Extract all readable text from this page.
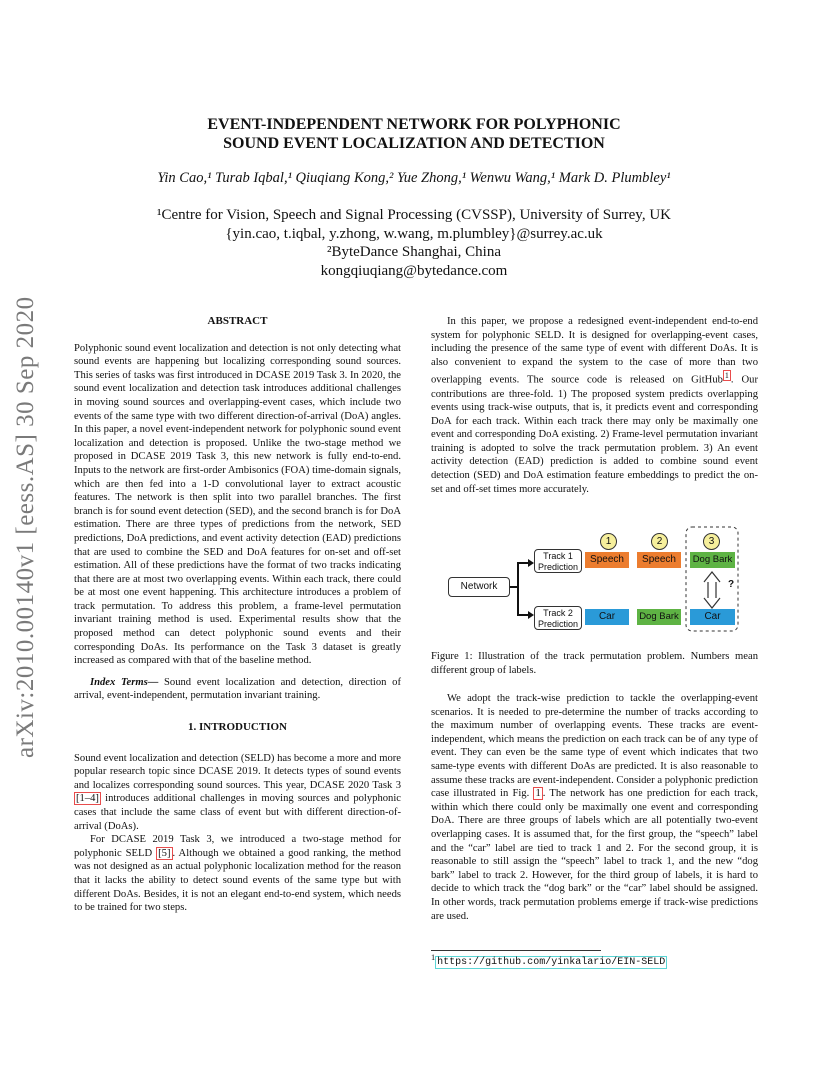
arXiv:2010.00140v1 [eess.AS] 30 Sep 2020
EVENT-INDEPENDENT NETWORK FOR POLYPHONIC
SOUND EVENT LOCALIZATION AND DETECTION
Yin Cao,¹ Turab Iqbal,¹ Qiuqiang Kong,² Yue Zhong,¹ Wenwu Wang,¹ Mark D. Plumbley¹
¹Centre for Vision, Speech and Signal Processing (CVSSP), University of Surrey, UK
{yin.cao, t.iqbal, y.zhong, w.wang, m.plumbley}@surrey.ac.uk
²ByteDance Shanghai, China
kongqiuqiang@bytedance.com

ABSTRACT

Polyphonic sound event localization and detection is not only detecting what sound events are happening but localizing corresponding sound sources. This series of tasks was first introduced in DCASE 2019 Task 3. In 2020, the sound event localization and detection task introduces additional challenges in moving sound sources and overlapping-event cases, which include two events of the same type with two different direction-of-arrival (DoA) angles. In this paper, a novel event-independent network for polyphonic sound event localization and detection is proposed. Unlike the two-stage method we proposed in DCASE 2019 Task 3, this new network is fully end-to-end. Inputs to the network are first-order Ambisonics (FOA) time-domain signals, which are then fed into a 1-D convolutional layer to extract acoustic features. The network is then split into two parallel branches. The first branch is for sound event detection (SED), and the second branch is for DoA estimation. There are three types of predictions from the network, SED predictions, DoA predictions, and event activity detection (EAD) predictions that are used to combine the SED and DoA features for on-set and off-set estimation. All of these predictions have the format of two tracks indicating that there are at most two overlapping events. Within each track, there could be at most one event happening. This architecture introduces a problem of track permutation. To address this problem, a frame-level permutation invariant training method is used. Experimental results show that the proposed method can detect polyphonic sound events and their corresponding DoAs. Its performance on the Task 3 dataset is greatly increased as compared with that of the baseline method.

Index Terms— Sound event localization and detection, direction of arrival, event-independent, permutation invariant training.

1. INTRODUCTION

Sound event localization and detection (SELD) has become a more and more popular research topic since DCASE 2019. It detects types of sound events and localizes corresponding sound sources. This year, DCASE 2020 Task 3 [1–4] introduces additional challenges in moving sources and polyphonic cases that include the same class of event but with different direction-of-arrival (DoAs).

For DCASE 2019 Task 3, we introduced a two-stage method for polyphonic SELD [5] . Although we obtained a good ranking, the method was not designed as an actual polyphonic localization method for the reason that it lacks the ability to detect sound events of the same type but with different DoAs. Besides, it is not an elegant end-to-end system, which needs to be trained for two steps.

In this paper, we propose a redesigned event-independent end-to-end system for polyphonic SELD. It is designed for overlapping-event cases, including the presence of the same type of event with different DoAs. It is also convenient to expand the system to the case of more than two overlapping events. The source code is released on GitHub $^1$ . Our contributions are three-fold. 1) The proposed system predicts overlapping events using track-wise outputs, that is, it predicts event and corresponding DoA for each track. Within each track there may only be maximally one event and corresponding DoA existing. 2) Frame-level permutation invariant training is adopted to solve the track permutation problem. 3) An event activity detection (EAD) prediction is added to combine sound event detection (SED) and DoA estimation feature embeddings to predict the on-set and off-set times more accurately.

Network
Track 1
Prediction
Track 2
Prediction
1	2	3
Speech	Speech	Dog Bark
Car	Dog Bark	Car
?

Figure 1: Illustration of the track permutation problem. Numbers mean different group of labels.

We adopt the track-wise prediction to tackle the overlapping-event scenarios. It is needed to pre-determine the number of tracks according to the maximum number of overlapping events. These tracks are event-independent, which means the prediction on each track can be of any type of event. They can even be the same type of event which indicates that two same-type events with different DoAs are predicted. It is also reasonable to assume these tracks are event-independent. Consider a polyphonic prediction case illustrated in Fig. 1 . The network has one prediction for each track, within which there could only be maximally one event and corresponding DoA. There are three groups of labels which are all potentially two-event overlapping cases. It is assumed that, for the first group, the “speech” label and the “car” label are tied to track 1 and 2. For the second group, it is reasonable to still assign the “speech” label to track 1, and the new “dog bark” label to track 2. However, for the third group of labels, it is hard to decide to which track the “dog bark” or the “car” label should be assigned. In other words, track permutation problems emerge if track-wise predictions are used.

$^1$ https://github.com/yinkalario/EIN-SELD
